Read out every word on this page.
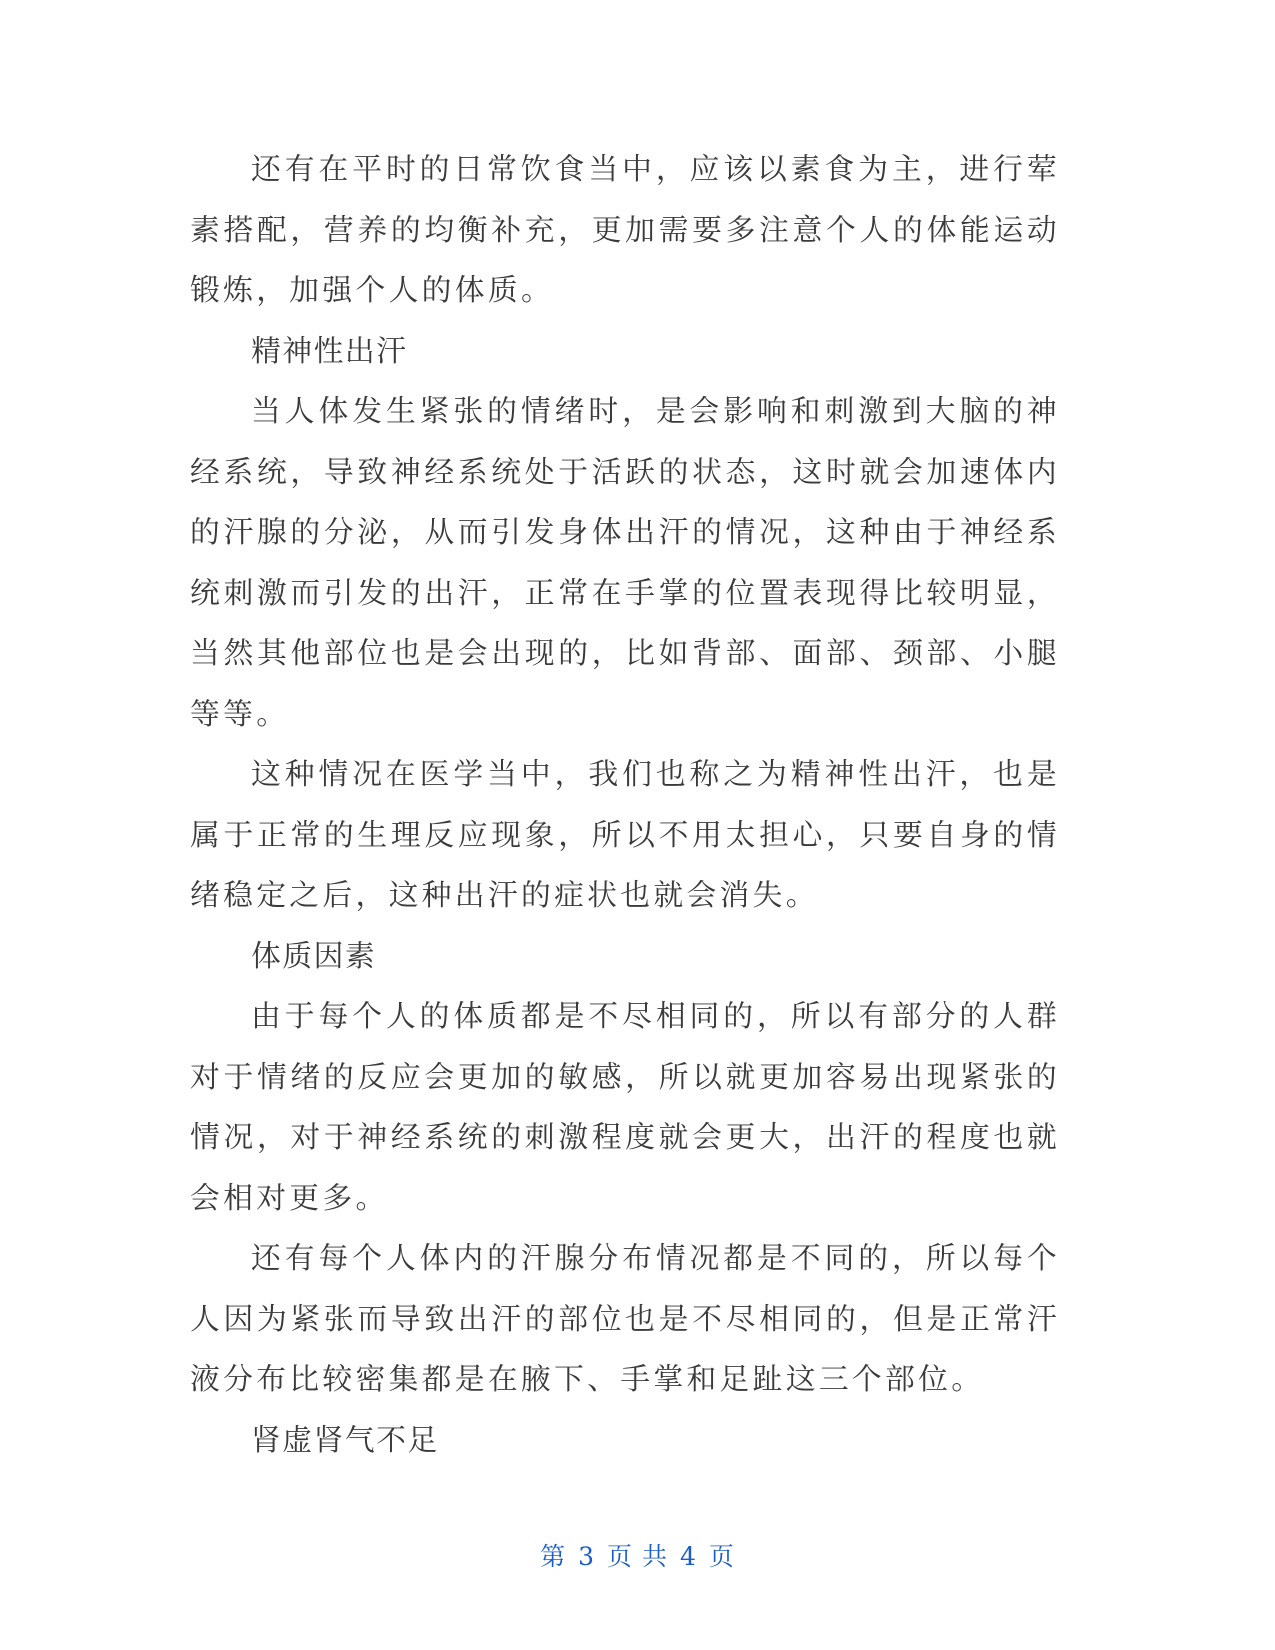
还有在平时的日常饮食当中，应该以素食为主，进行荤素搭配，营养的均衡补充，更加需要多注意个人的体能运动锻炼，加强个人的体质。

精神性出汗

当人体发生紧张的情绪时，是会影响和刺激到大脑的神经系统，导致神经系统处于活跃的状态，这时就会加速体内的汗腺的分泌，从而引发身体出汗的情况，这种由于神经系统刺激而引发的出汗，正常在手掌的位置表现得比较明显，当然其他部位也是会出现的，比如背部、面部、颈部、小腿等等。

这种情况在医学当中，我们也称之为精神性出汗，也是属于正常的生理反应现象，所以不用太担心，只要自身的情绪稳定之后，这种出汗的症状也就会消失。

体质因素

由于每个人的体质都是不尽相同的，所以有部分的人群对于情绪的反应会更加的敏感，所以就更加容易出现紧张的情况，对于神经系统的刺激程度就会更大，出汗的程度也就会相对更多。

还有每个人体内的汗腺分布情况都是不同的，所以每个人因为紧张而导致出汗的部位也是不尽相同的，但是正常汗液分布比较密集都是在腋下、手掌和足趾这三个部位。

肾虚肾气不足

第 3 页 共 4 页
